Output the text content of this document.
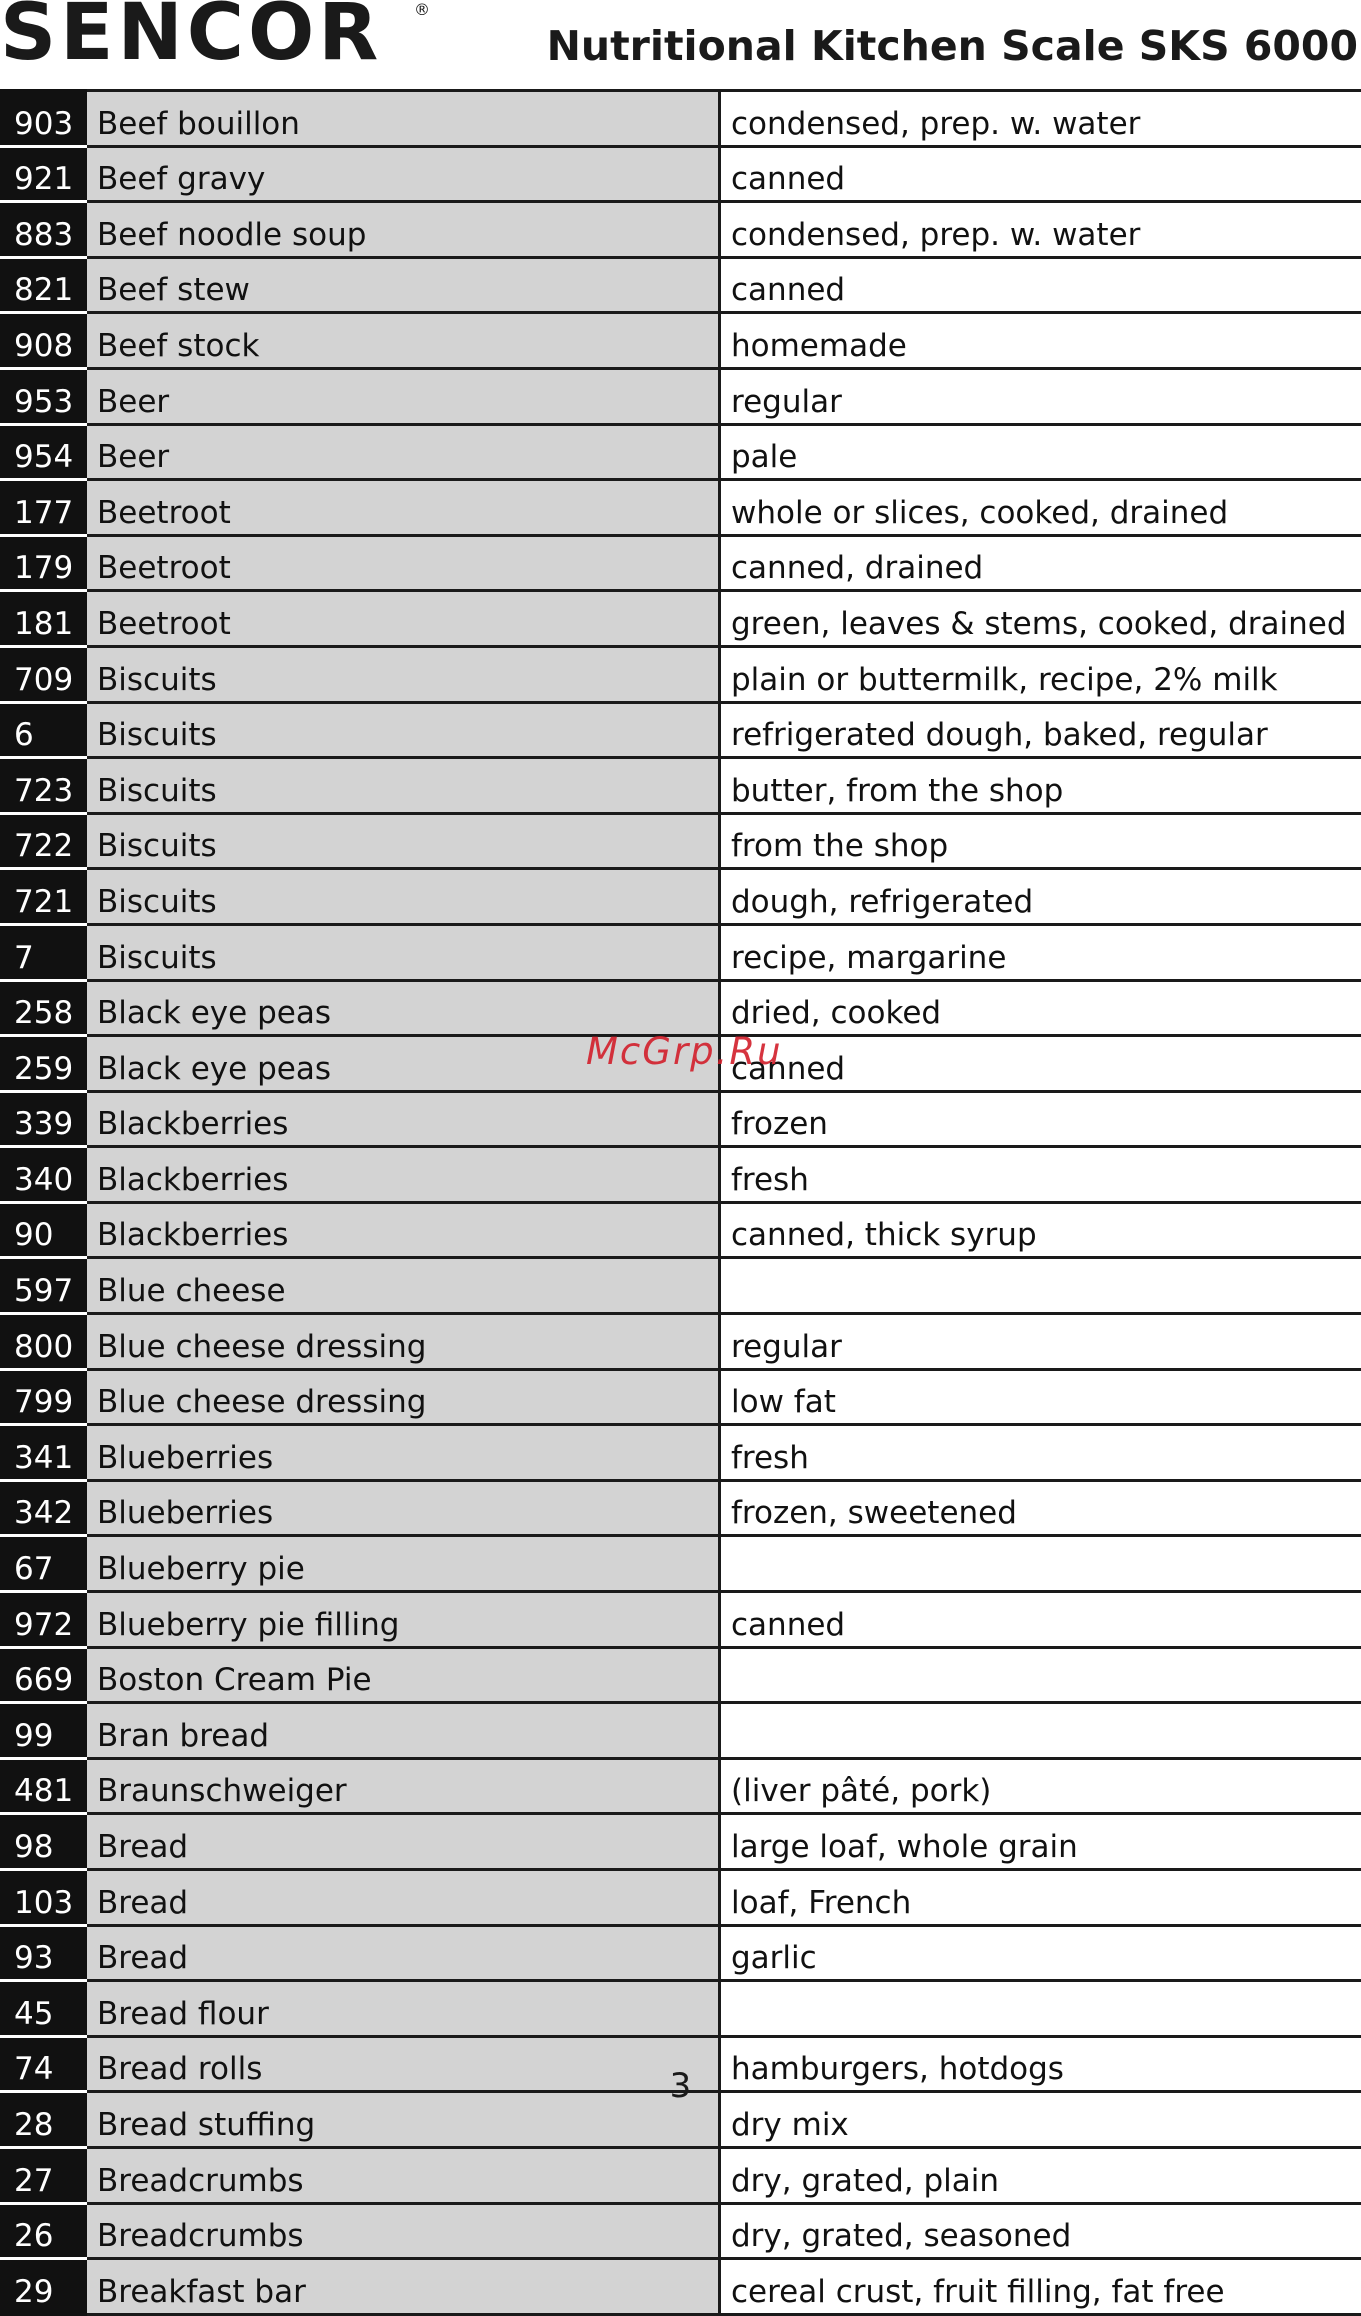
SENCOR ®
Nutritional Kitchen Scale SKS 6000
903	Beef bouillon	condensed, prep. w. water
921	Beef gravy	canned
883	Beef noodle soup	condensed, prep. w. water
821	Beef stew	canned
908	Beef stock	homemade
953	Beer	regular
954	Beer	pale
177	Beetroot	whole or slices, cooked, drained
179	Beetroot	canned, drained
181	Beetroot	green, leaves & stems, cooked, drained
709	Biscuits	plain or buttermilk, recipe, 2% milk
6	Biscuits	refrigerated dough, baked, regular
723	Biscuits	butter, from the shop
722	Biscuits	from the shop
721	Biscuits	dough, refrigerated
7	Biscuits	recipe, margarine
258	Black eye peas	dried, cooked
259	Black eye peas	canned
339	Blackberries	frozen
340	Blackberries	fresh
90	Blackberries	canned, thick syrup
597	Blue cheese	
800	Blue cheese dressing	regular
799	Blue cheese dressing	low fat
341	Blueberries	fresh
342	Blueberries	frozen, sweetened
67	Blueberry pie	
972	Blueberry pie filling	canned
669	Boston Cream Pie	
99	Bran bread	
481	Braunschweiger	(liver pâté, pork)
98	Bread	large loaf, whole grain
103	Bread	loaf, French
93	Bread	garlic
45	Bread flour	
74	Bread rolls	hamburgers, hotdogs
28	Bread stuffing	dry mix
27	Breadcrumbs	dry, grated, plain
26	Breadcrumbs	dry, grated, seasoned
29	Breakfast bar	cereal crust, fruit filling, fat free
McGrp.Ru
3
